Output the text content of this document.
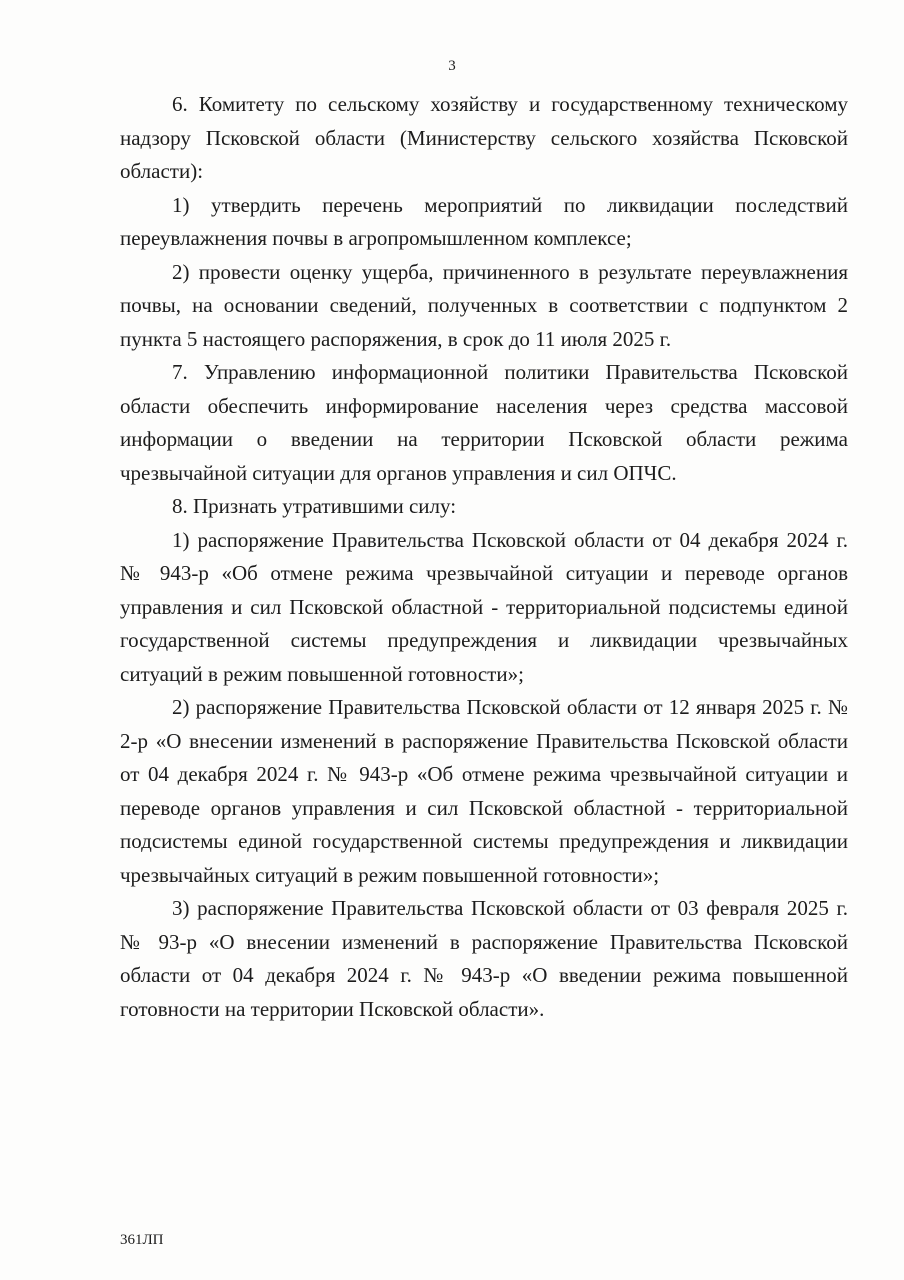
3

6. Комитету по сельскому хозяйству и государственному техническому надзору Псковской области (Министерству сельского хозяйства Псковской области):

1) утвердить перечень мероприятий по ликвидации последствий переувлажнения почвы в агропромышленном комплексе;

2) провести оценку ущерба, причиненного в результате переувлажнения почвы, на основании сведений, полученных в соответствии с подпунктом 2 пункта 5 настоящего распоряжения, в срок до 11 июля 2025 г.

7. Управлению информационной политики Правительства Псковской области обеспечить информирование населения через средства массовой информации о введении на территории Псковской области режима чрезвычайной ситуации для органов управления и сил ОПЧС.

8. Признать утратившими силу:

1) распоряжение Правительства Псковской области от 04 декабря 2024 г. № 943-р «Об отмене режима чрезвычайной ситуации и переводе органов управления и сил Псковской областной - территориальной подсистемы единой государственной системы предупреждения и ликвидации чрезвычайных ситуаций в режим повышенной готовности»;

2) распоряжение Правительства Псковской области от 12 января 2025 г. № 2-р «О внесении изменений в распоряжение Правительства Псковской области от 04 декабря 2024 г. № 943-р «Об отмене режима чрезвычайной ситуации и переводе органов управления и сил Псковской областной - территориальной подсистемы единой государственной системы предупреждения и ликвидации чрезвычайных ситуаций в режим повышенной готовности»;

3) распоряжение Правительства Псковской области от 03 февраля 2025 г. № 93-р «О внесении изменений в распоряжение Правительства Псковской области от 04 декабря 2024 г. № 943-р «О введении режима повышенной готовности на территории Псковской области».

361ЛП
